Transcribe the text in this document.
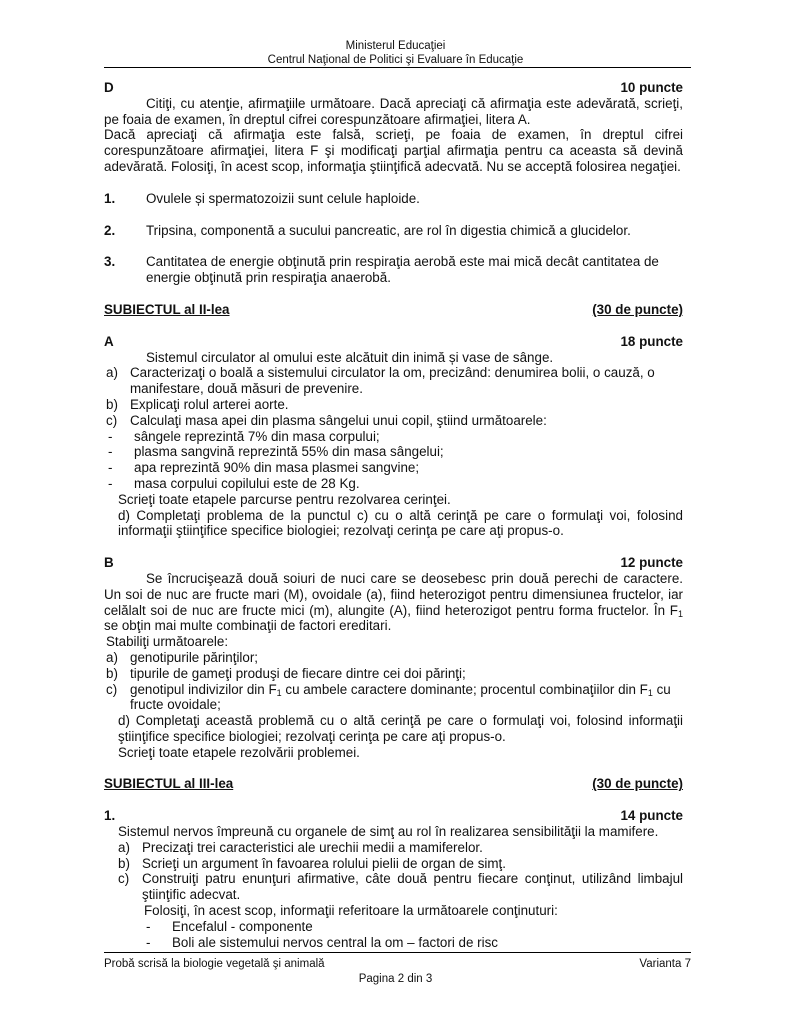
Ministerul Educaţiei
Centrul Naţional de Politici şi Evaluare în Educaţie
D	10 puncte

Citiţi, cu atenţie, afirmaţiile următoare. Dacă apreciaţi că afirmaţia este adevărată, scrieţi, pe foaia de examen, în dreptul cifrei corespunzătoare afirmaţiei, litera A.

Dacă apreciaţi că afirmaţia este falsă, scrieţi, pe foaia de examen, în dreptul cifrei corespunzătoare afirmaţiei, litera F şi modificaţi parţial afirmaţia pentru ca aceasta să devină adevărată. Folosiţi, în acest scop, informaţia ştiinţifică adecvată. Nu se acceptă folosirea negaţiei.

1.	Ovulele și spermatozoizii sunt celule haploide.
2.	Tripsina, componentă a sucului pancreatic, are rol în digestia chimică a glucidelor.
3.	Cantitatea de energie obţinută prin respiraţia aerobă este mai mică decât cantitatea de energie obţinută prin respiraţia anaerobă.
SUBIECTUL al II-lea	(30 de puncte)
A	18 puncte

Sistemul circulator al omului este alcătuit din inimă și vase de sânge.

a) Caracterizaţi o boală a sistemului circulator la om, precizând: denumirea bolii, o cauză, o manifestare, două măsuri de prevenire.
b) Explicaţi rolul arterei aorte.
c) Calculaţi masa apei din plasma sângelui unui copil, ştiind următoarele:
-	sângele reprezintă 7% din masa corpului;
-	plasma sangvină reprezintă 55% din masa sângelui;
-	apa reprezintă 90% din masa plasmei sangvine;
-	masa corpului copilului este de 28 Kg.

Scrieţi toate etapele parcurse pentru rezolvarea cerinţei.

d) Completaţi problema de la punctul c) cu o altă cerinţă pe care o formulaţi voi, folosind informaţii ştiinţifice specifice biologiei; rezolvaţi cerinţa pe care aţi propus-o.

B	12 puncte

Se încrucişează două soiuri de nuci care se deosebesc prin două perechi de caractere. Un soi de nuc are fructe mari (M), ovoidale (a), fiind heterozigot pentru dimensiunea fructelor, iar celălalt soi de nuc are fructe mici (m), alungite (A), fiind heterozigot pentru forma fructelor. În $F_1$ se obţin mai multe combinaţii de factori ereditari.

Stabiliţi următoarele:

a) genotipurile părinţilor;
b) tipurile de gameţi produşi de fiecare dintre cei doi părinţi;
c) genotipul indivizilor din $F_1$ cu ambele caractere dominante; procentul combinaţiilor din $F_1$ cu fructe ovoidale;

d) Completaţi această problemă cu o altă cerinţă pe care o formulaţi voi, folosind informaţii ştiinţifice specifice biologiei; rezolvaţi cerinţa pe care aţi propus-o.

Scrieţi toate etapele rezolvării problemei.

SUBIECTUL al III-lea	(30 de puncte)
1.	14 puncte

Sistemul nervos împreună cu organele de simţ au rol în realizarea sensibilităţii la mamifere.

a) Precizaţi trei caracteristici ale urechii medii a mamiferelor.
b) Scrieţi un argument în favoarea rolului pielii de organ de simţ.
c) Construiţi patru enunţuri afirmative, câte două pentru fiecare conţinut, utilizând limbajul ştiinţific adecvat.

Folosiţi, în acest scop, informaţii referitoare la următoarele conţinuturi:

-	Encefalul - componente
-	Boli ale sistemului nervos central la om – factori de risc
Probă scrisă la biologie vegetală şi animală	Varianta 7
Pagina 2 din 3
